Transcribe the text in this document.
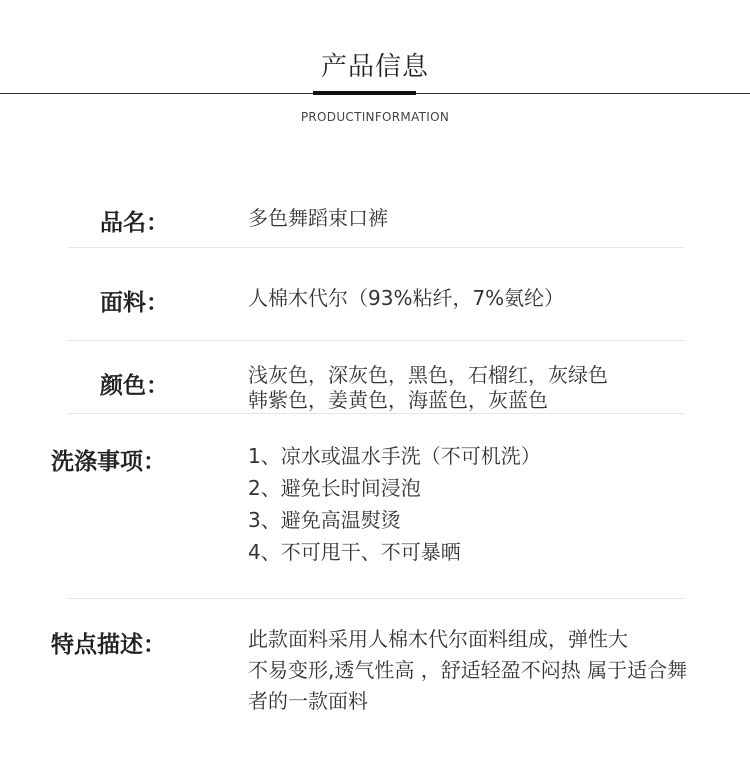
产品信息
PRODUCTINFORMATION
品名：	多色舞蹈束口裤
面料：	人棉木代尔（93%粘纤，7%氨纶）
颜色：	浅灰色，深灰色，黑色，石榴红，灰绿色
韩紫色，姜黄色，海蓝色，灰蓝色
洗涤事项：	1、凉水或温水手洗（不可机洗）
2、避免长时间浸泡
3、避免高温熨烫
4、不可甩干、不可暴晒
特点描述：	此款面料采用人棉木代尔面料组成，弹性大
不易变形,透气性高 ，舒适轻盈不闷热 属于适合舞
者的一款面料
